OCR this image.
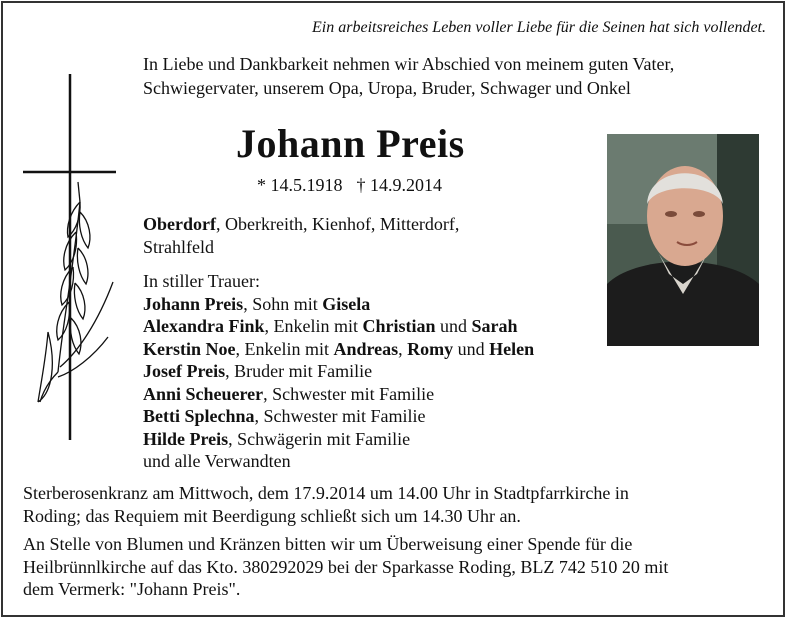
Ein arbeitsreiches Leben voller Liebe für die Seinen hat sich vollendet.
In Liebe und Dankbarkeit nehmen wir Abschied von meinem guten Vater,
Schwiegervater, unserem Opa, Uropa, Bruder, Schwager und Onkel
Johann Preis
* 14.5.1918 † 14.9.2014
Oberdorf, Oberkreith, Kienhof, Mitterdorf,
Strahlfeld
In stiller Trauer:
Johann Preis, Sohn mit Gisela
Alexandra Fink, Enkelin mit Christian und Sarah
Kerstin Noe, Enkelin mit Andreas, Romy und Helen
Josef Preis, Bruder mit Familie
Anni Scheuerer, Schwester mit Familie
Betti Splechna, Schwester mit Familie
Hilde Preis, Schwägerin mit Familie
und alle Verwandten
Sterberosenkranz am Mittwoch, dem 17.9.2014 um 14.00 Uhr in Stadtpfarrkirche in
Roding; das Requiem mit Beerdigung schließt sich um 14.30 Uhr an.
An Stelle von Blumen und Kränzen bitten wir um Überweisung einer Spende für die
Heilbrünnlkirche auf das Kto. 380292029 bei der Sparkasse Roding, BLZ 742 510 20 mit
dem Vermerk: "Johann Preis".
